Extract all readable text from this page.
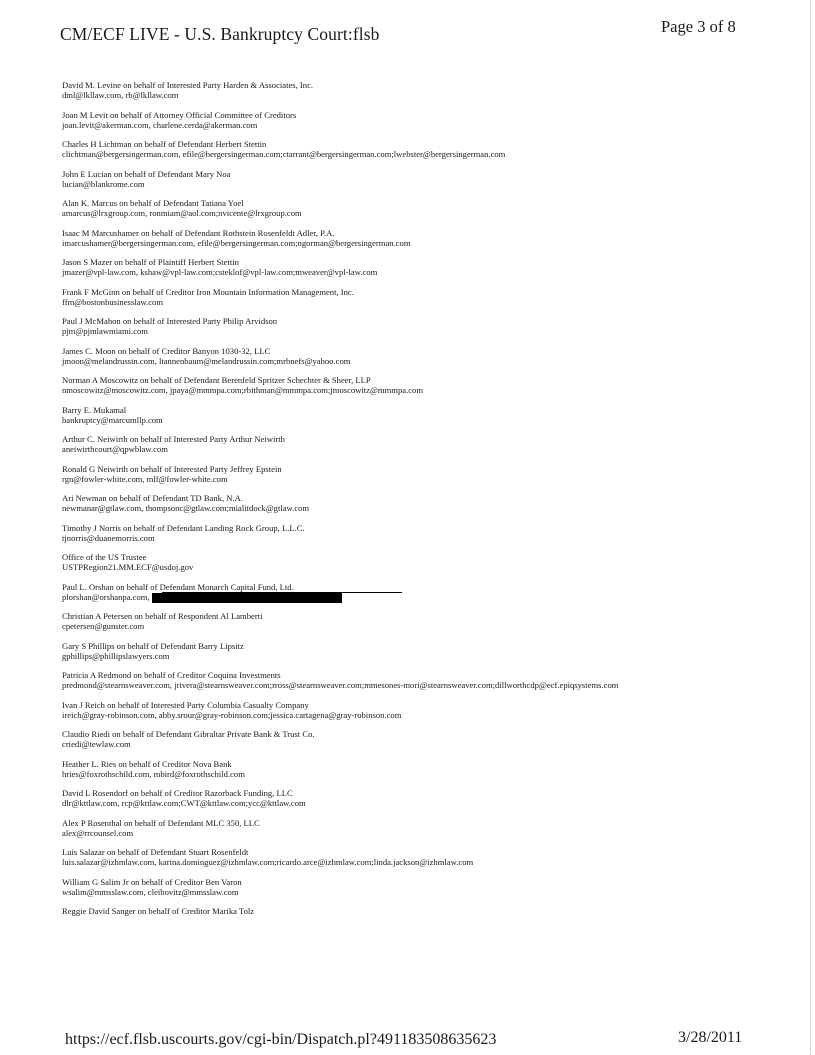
CM/ECF LIVE - U.S. Bankruptcy Court:flsb	Page 3 of 8
David M. Levine on behalf of Interested Party Harden & Associates, Inc.
dml@lkllaw.com, rb@lkllaw.com
Joan M Levit on behalf of Attorney Official Committee of Creditors
joan.levit@akerman.com, charlene.cerda@akerman.com
Charles H Lichtman on behalf of Defendant Herbert Stettin
clichtman@bergersingerman.com, efile@bergersingerman.com;ctarrant@bergersingerman.com;lwebster@bergersingerman.com
John E Lucian on behalf of Defendant Mary Noa
lucian@blankrome.com
Alan K. Marcus on behalf of Defendant Tatiana Yoel
amarcus@lrxgroup.com, ronmiam@aol.com;nvicente@lrxgroup.com
Isaac M Marcushamer on behalf of Defendant Rothstein Rosenfeldt Adler, P.A.
imarcushamer@bergersingerman.com, efile@bergersingerman.com;ngorman@bergersingerman.com
Jason S Mazer on behalf of Plaintiff Herbert Stettin
jmazer@vpl-law.com, kshaw@vpl-law.com;csteklof@vpl-law.com;mweaver@vpl-law.com
Frank F McGinn on behalf of Creditor Iron Mountain Information Management, Inc.
ffm@bostonbusinesslaw.com
Paul J McMahon on behalf of Interested Party Philip Arvidson
pjm@pjmlawmiami.com
James C. Moon on behalf of Creditor Banyon 1030-32, LLC
jmoon@melandrussin.com, ltannenbaum@melandrussin.com;mrbnefs@yahoo.com
Norman A Moscowitz on behalf of Defendant Berenfeld Spritzer Schechter & Sheer, LLP
nmoscowitz@moscowitz.com, jpaya@mmmpa.com;rbithman@mmmpa.com;jmoscowitz@mmmpa.com
Barry E. Mukamal
bankruptcy@marcumllp.com
Arthur C. Neiwirth on behalf of Interested Party Arthur Neiwirth
aneiwirthcourt@qpwblaw.com
Ronald G Neiwirth on behalf of Interested Party Jeffrey Epstein
rgn@fowler-white.com, mlf@fowler-white.com
Ari Newman on behalf of Defendant TD Bank, N.A.
newmanar@gtlaw.com, thompsonc@gtlaw.com;mialitdock@gtlaw.com
Timothy J Norris on behalf of Defendant Landing Rock Group, L.L.C.
tjnorris@duanemorris.com
Office of the US Trustee
USTPRegion21.MM.ECF@usdoj.gov
Paul L. Orshan on behalf of Defendant Monarch Capital Fund, Ltd.
plorshan@orshanpa.com,
Christian A Petersen on behalf of Respondent Al Lamberti
cpetersen@gunster.com
Gary S Phillips on behalf of Defendant Barry Lipsitz
gphillips@phillipslawyers.com
Patricia A Redmond on behalf of Creditor Coquina Investments
predmond@stearnsweaver.com, jrivera@stearnsweaver.com;rross@stearnsweaver.com;mmesones-mori@stearnsweaver.com;dillworthcdp@ecf.epiqsystems.com
Ivan J Reich on behalf of Interested Party Columbia Casualty Company
ireich@gray-robinson.com, abby.srour@gray-robinson.com;jessica.cartagena@gray-robinson.com
Claudio Riedi on behalf of Defendant Gibraltar Private Bank & Trust Co.
criedi@tewlaw.com
Heather L. Ries on behalf of Creditor Nova Bank
hries@foxrothschild.com, mbird@foxrothschild.com
David L Rosendorf on behalf of Creditor Razorback Funding, LLC
dlr@kttlaw.com, rcp@kttlaw.com;CWT@kttlaw.com;ycc@kttlaw.com
Alex P Rosenthal on behalf of Defendant MLC 350, LLC
alex@rrcounsel.com
Luis Salazar on behalf of Defendant Stuart Rosenfeldt
luis.salazar@izhmlaw.com, karina.dominguez@izhmlaw.com;ricardo.arce@izhmlaw.com;linda.jackson@izhmlaw.com
William G Salim Jr on behalf of Creditor Ben Varon
wsalim@mmsslaw.com, cleibovitz@mmsslaw.com
Reggie David Sanger on behalf of Creditor Marika Tolz
https://ecf.flsb.uscourts.gov/cgi-bin/Dispatch.pl?491183508635623	3/28/2011
